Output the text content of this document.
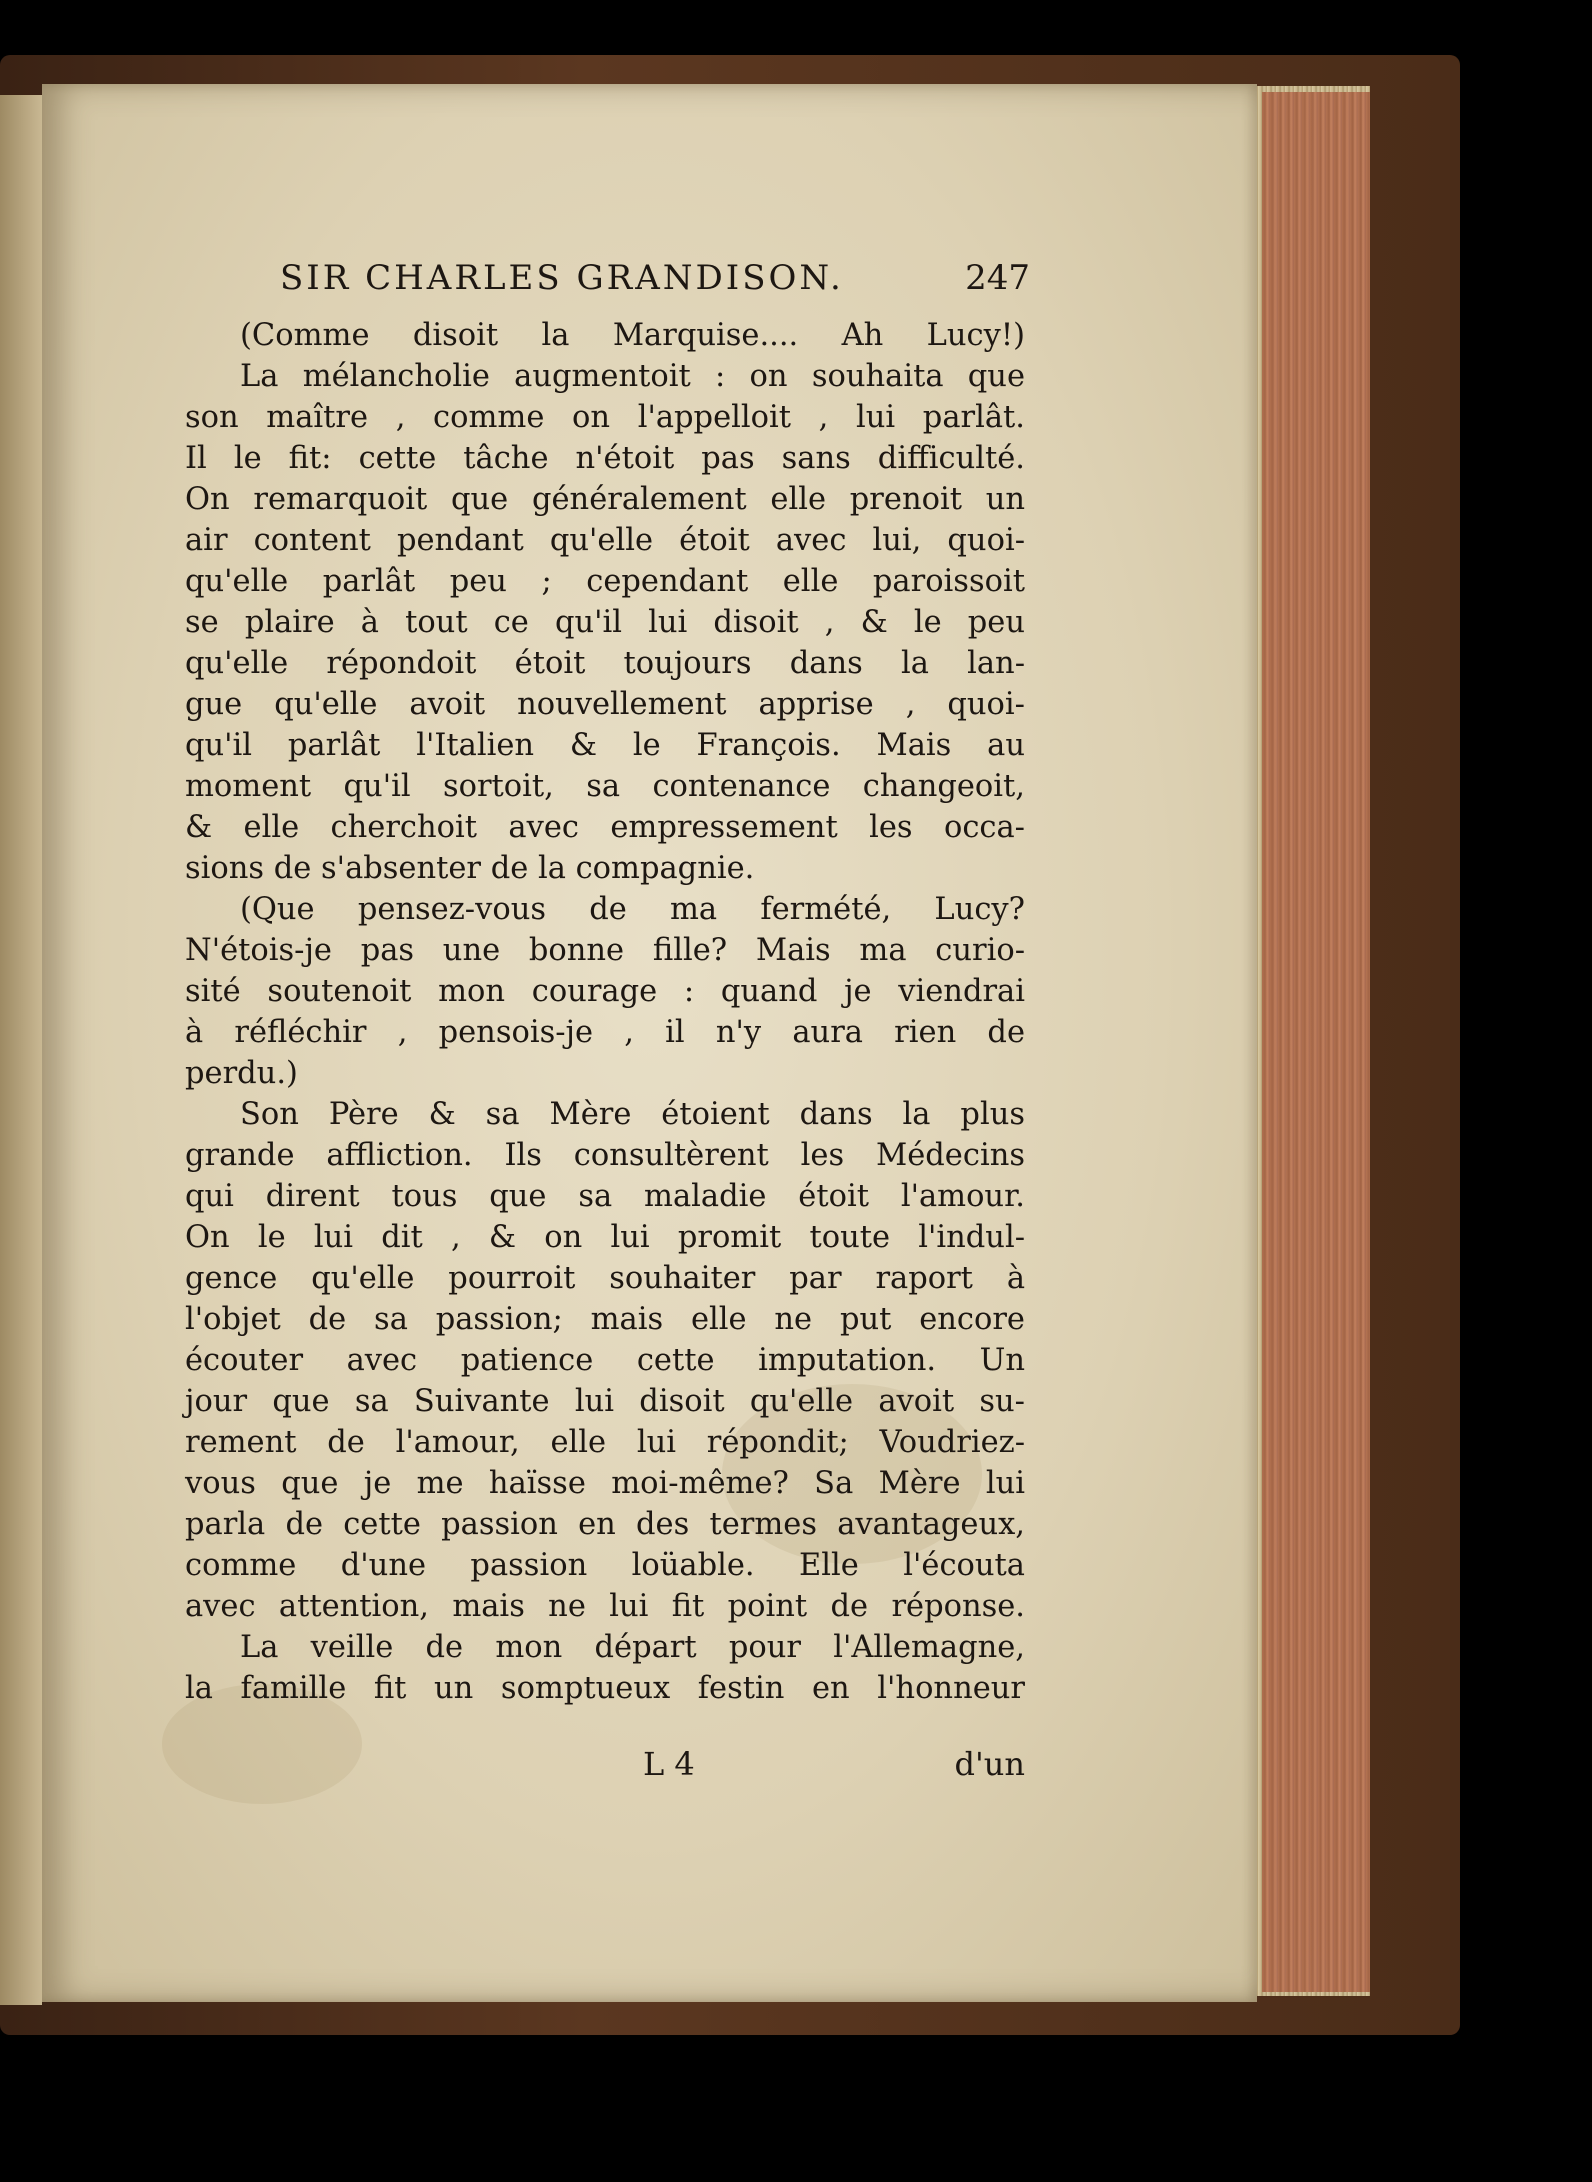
SIR CHARLES GRANDISON.	247
(Comme disoit la Marquise.... Ah Lucy!)
La mélancholie augmentoit : on souhaita que
son maître , comme on l'appelloit , lui parlât.
Il le fit: cette tâche n'étoit pas sans difficulté.
On remarquoit que généralement elle prenoit un
air content pendant qu'elle étoit avec lui, quoi-
qu'elle parlât peu ; cependant elle paroissoit
se plaire à tout ce qu'il lui disoit , & le peu
qu'elle répondoit étoit toujours dans la lan-
gue qu'elle avoit nouvellement apprise , quoi-
qu'il parlât l'Italien & le François. Mais au
moment qu'il sortoit, sa contenance changeoit,
& elle cherchoit avec empressement les occa-
sions de s'absenter de la compagnie.
(Que pensez-vous de ma fermété, Lucy?
N'étois-je pas une bonne fille? Mais ma curio-
sité soutenoit mon courage : quand je viendrai
à réfléchir , pensois-je , il n'y aura rien de
perdu.)
Son Père & sa Mère étoient dans la plus
grande affliction. Ils consultèrent les Médecins
qui dirent tous que sa maladie étoit l'amour.
On le lui dit , & on lui promit toute l'indul-
gence qu'elle pourroit souhaiter par raport à
l'objet de sa passion; mais elle ne put encore
écouter avec patience cette imputation. Un
jour que sa Suivante lui disoit qu'elle avoit su-
rement de l'amour, elle lui répondit; Voudriez-
vous que je me haïsse moi-même? Sa Mère lui
parla de cette passion en des termes avantageux,
comme d'une passion loüable. Elle l'écouta
avec attention, mais ne lui fit point de réponse.
La veille de mon départ pour l'Allemagne,
la famille fit un somptueux festin en l'honneur
L 4	d'un
